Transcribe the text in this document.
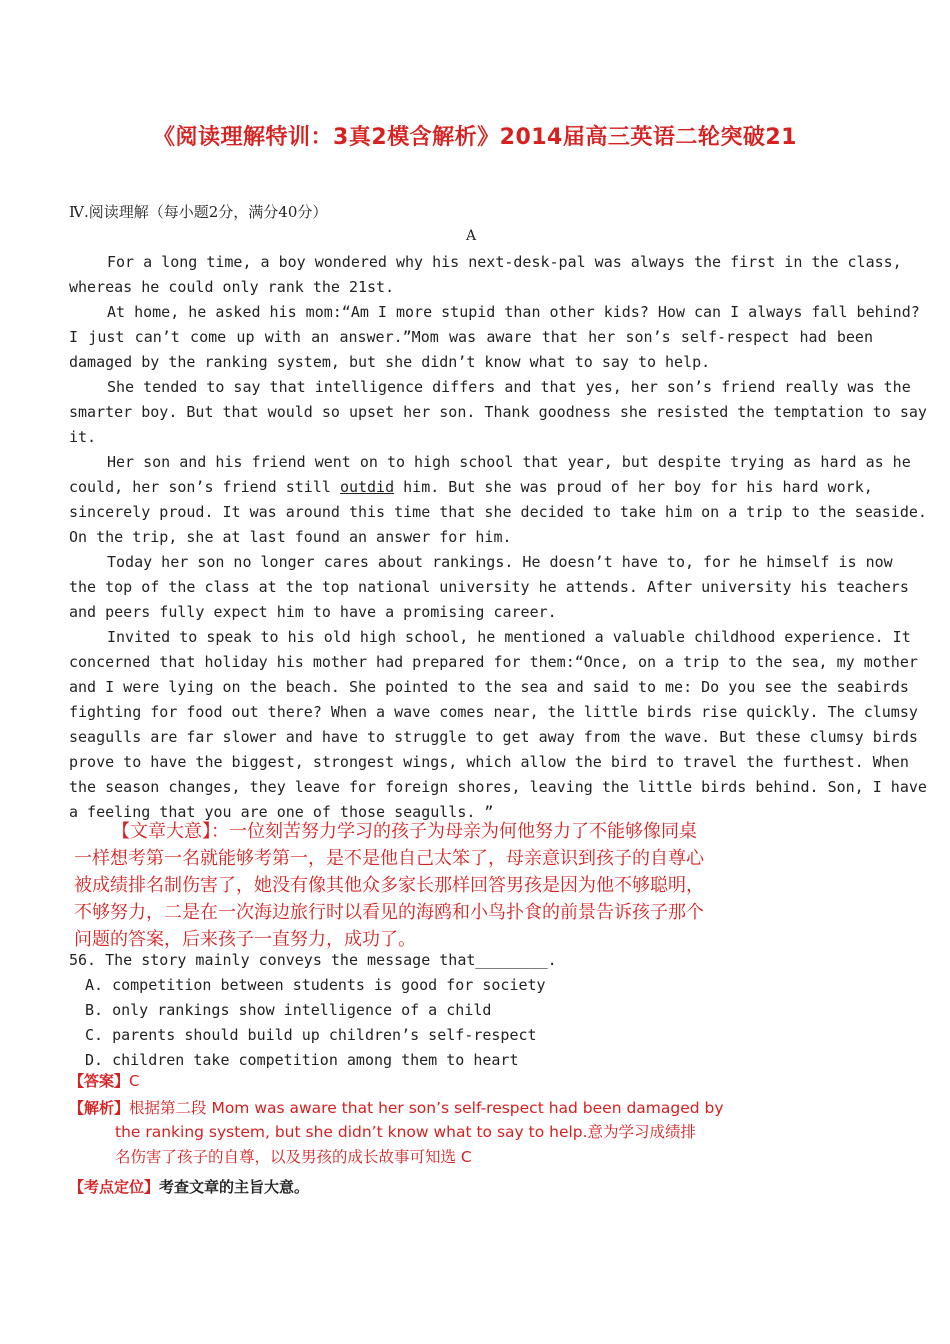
《阅读理解特训：3真2模含解析》2014届高三英语二轮突破21
Ⅳ.阅读理解（每小题2分，满分40分）
A
For a long time, a boy wondered why his next-desk-pal was always the first in the class,
whereas he could only rank the 21st.
At home, he asked his mom:“Am I more stupid than other kids? How can I always fall behind?
I just can’t come up with an answer.”Mom was aware that her son’s self-respect had been
damaged by the ranking system, but she didn’t know what to say to help.
She tended to say that intelligence differs and that yes, her son’s friend really was the
smarter boy. But that would so upset her son. Thank goodness she resisted the temptation to say
it.
Her son and his friend went on to high school that year, but despite trying as hard as he
could, her son’s friend still outdid him. But she was proud of her boy for his hard work,
sincerely proud. It was around this time that she decided to take him on a trip to the seaside.
On the trip, she at last found an answer for him.
Today her son no longer cares about rankings. He doesn’t have to, for he himself is now
the top of the class at the top national university he attends. After university his teachers
and peers fully expect him to have a promising career.
Invited to speak to his old high school, he mentioned a valuable childhood experience. It
concerned that holiday his mother had prepared for them:“Once, on a trip to the sea, my mother
and I were lying on the beach. She pointed to the sea and said to me: Do you see the seabirds
fighting for food out there? When a wave comes near, the little birds rise quickly. The clumsy
seagulls are far slower and have to struggle to get away from the wave. But these clumsy birds
prove to have the biggest, strongest wings, which allow the bird to travel the furthest. When
the season changes, they leave for foreign shores, leaving the little birds behind. Son, I have
a feeling that you are one of those seagulls. ”
【文章大意】：一位刻苦努力学习的孩子为母亲为何他努力了不能够像同桌
一样想考第一名就能够考第一，是不是他自己太笨了，母亲意识到孩子的自尊心
被成绩排名制伤害了，她没有像其他众多家长那样回答男孩是因为他不够聪明，
不够努力，二是在一次海边旅行时以看见的海鸥和小鸟扑食的前景告诉孩子那个
问题的答案，后来孩子一直努力，成功了。
56. The story mainly conveys the message that________.
A. competition between students is good for society
B. only rankings show intelligence of a child
C. parents should build up children’s self-respect
D. children take competition among them to heart
【答案】C
【解析】根据第二段 Mom was aware that her son’s self-respect had been damaged by
the ranking system, but she didn’t know what to say to help.意为学习成绩排
名伤害了孩子的自尊，以及男孩的成长故事可知选 C
【考点定位】考查文章的主旨大意。
